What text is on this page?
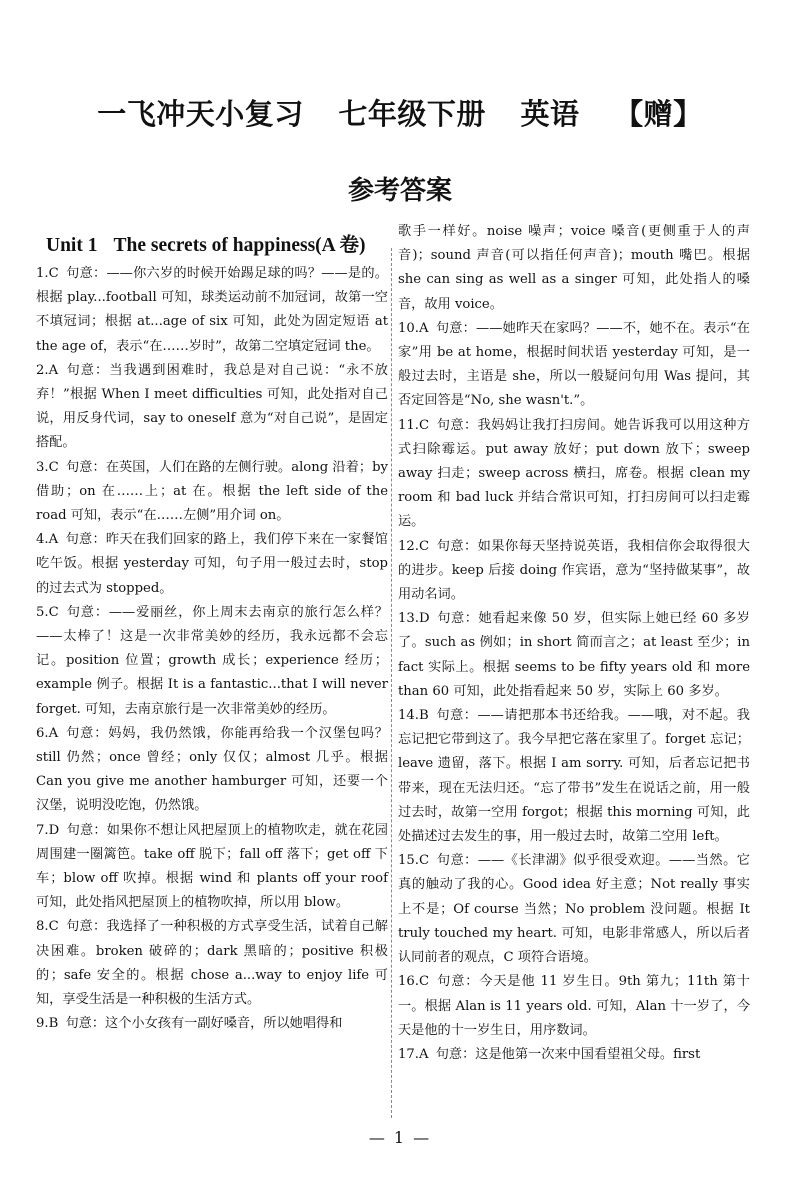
一飞冲天小复习 七年级下册 英语 【赠】
参考答案
Unit 1 The secrets of happiness(A 卷)
1.C 句意：——你六岁的时候开始踢足球的吗？——是的。根据 play...football 可知，球类运动前不加冠词，故第一空不填冠词；根据 at...age of six 可知，此处为固定短语 at the age of，表示“在……岁时”，故第二空填定冠词 the。
2.A 句意：当我遇到困难时，我总是对自己说：“永不放弃！”根据 When I meet difficulties 可知，此处指对自己说，用反身代词，say to oneself 意为“对自己说”，是固定搭配。
3.C 句意：在英国，人们在路的左侧行驶。along 沿着；by 借助；on 在……上；at 在。根据 the left side of the road 可知，表示“在……左侧”用介词 on。
4.A 句意：昨天在我们回家的路上，我们停下来在一家餐馆吃午饭。根据 yesterday 可知，句子用一般过去时，stop 的过去式为 stopped。
5.C 句意：——爱丽丝，你上周末去南京的旅行怎么样？——太棒了！这是一次非常美妙的经历，我永远都不会忘记。position 位置；growth 成长；experience 经历；example 例子。根据 It is a fantastic...that I will never forget. 可知，去南京旅行是一次非常美妙的经历。
6.A 句意：妈妈，我仍然饿，你能再给我一个汉堡包吗？still 仍然；once 曾经；only 仅仅；almost 几乎。根据 Can you give me another hamburger 可知，还要一个汉堡，说明没吃饱，仍然饿。
7.D 句意：如果你不想让风把屋顶上的植物吹走，就在花园周围建一圈篱笆。take off 脱下；fall off 落下；get off 下车；blow off 吹掉。根据 wind 和 plants off your roof 可知，此处指风把屋顶上的植物吹掉，所以用 blow。
8.C 句意：我选择了一种积极的方式享受生活，试着自己解决困难。broken 破碎的；dark 黑暗的；positive 积极的；safe 安全的。根据 chose a...way to enjoy life 可知，享受生活是一种积极的生活方式。
9.B 句意：这个小女孩有一副好嗓音，所以她唱得和
歌手一样好。noise 噪声；voice 嗓音(更侧重于人的声音)；sound 声音(可以指任何声音)；mouth 嘴巴。根据 she can sing as well as a singer 可知，此处指人的嗓音，故用 voice。
10.A 句意：——她昨天在家吗？——不，她不在。表示“在家”用 be at home，根据时间状语 yesterday 可知，是一般过去时，主语是 she，所以一般疑问句用 Was 提问，其否定回答是“No, she wasn't.”。
11.C 句意：我妈妈让我打扫房间。她告诉我可以用这种方式扫除霉运。put away 放好；put down 放下；sweep away 扫走；sweep across 横扫，席卷。根据 clean my room 和 bad luck 并结合常识可知，打扫房间可以扫走霉运。
12.C 句意：如果你每天坚持说英语，我相信你会取得很大的进步。keep 后接 doing 作宾语，意为“坚持做某事”，故用动名词。
13.D 句意：她看起来像 50 岁，但实际上她已经 60 多岁了。such as 例如；in short 简而言之；at least 至少；in fact 实际上。根据 seems to be fifty years old 和 more than 60 可知，此处指看起来 50 岁，实际上 60 多岁。
14.B 句意：——请把那本书还给我。——哦，对不起。我忘记把它带到这了。我今早把它落在家里了。forget 忘记；leave 遗留，落下。根据 I am sorry. 可知，后者忘记把书带来，现在无法归还。“忘了带书”发生在说话之前，用一般过去时，故第一空用 forgot；根据 this morning 可知，此处描述过去发生的事，用一般过去时，故第二空用 left。
15.C 句意：——《长津湖》似乎很受欢迎。——当然。它真的触动了我的心。Good idea 好主意；Not really 事实上不是；Of course 当然；No problem 没问题。根据 It truly touched my heart. 可知，电影非常感人，所以后者认同前者的观点，C 项符合语境。
16.C 句意：今天是他 11 岁生日。9th 第九；11th 第十一。根据 Alan is 11 years old. 可知，Alan 十一岁了，今天是他的十一岁生日，用序数词。
17.A 句意：这是他第一次来中国看望祖父母。first
— 1 —
